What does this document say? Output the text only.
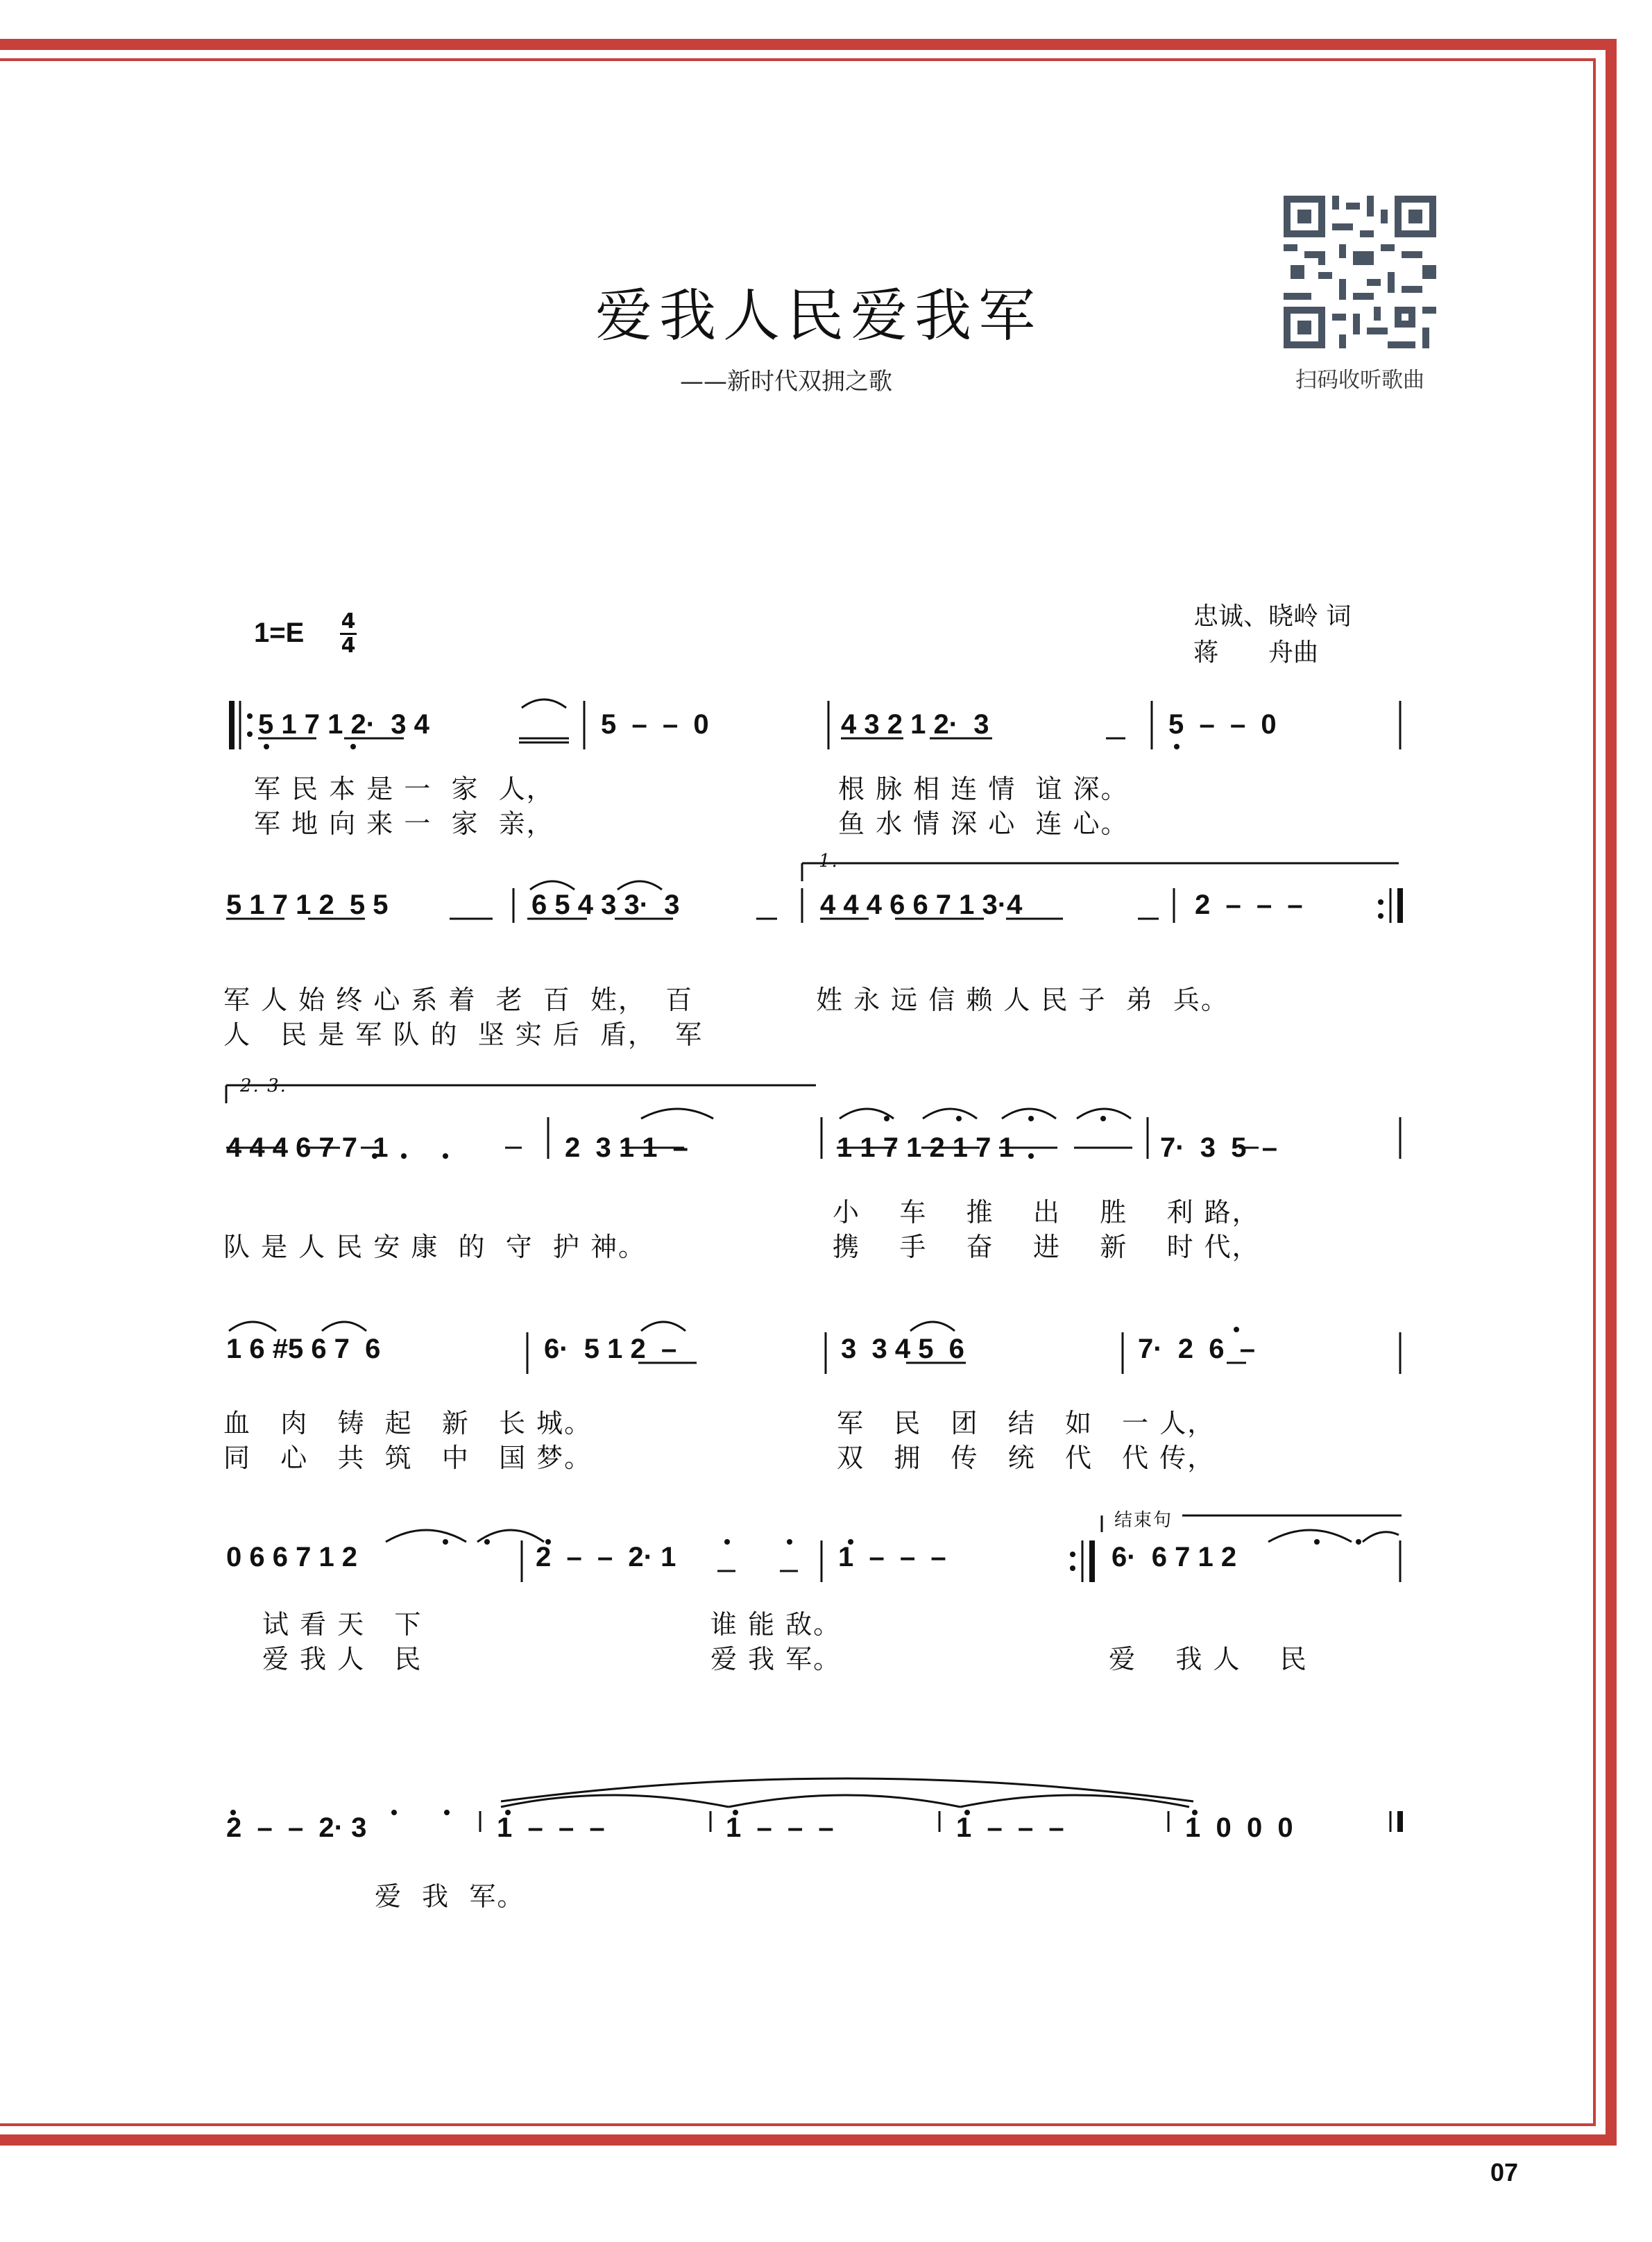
爱我人民爱我军
——新时代双拥之歌	扫码收听歌曲
1=E 4
4
忠诚、晓岭 词
蒋　　舟曲

5 1 7 1 2·  3 4

	5  –  –  0

	4 3 2 1 2·  3

	5  –  –  0

军 民 本 是 一  家  人，	根 脉 相 连 情  谊 深。
军 地 向 来 一  家  亲，	鱼 水 情 深 心  连 心。
1.

5 1 7 1 2  5 5

	6 5 4 3 3·  3

	4 4 4 6 6 7 1 3·4

	2  –  –  –

军 人 始 终 心 系 着  老  百  姓，  百	姓 永 远 信 赖 人 民 子  弟  兵。
人   民 是 军 队 的  坚 实 后  盾，  军
2. 3.

4 4 4 6 7 7  1

	2  3 1 1  –

	1 1 7 1 2 1 7 1

	7·  3  5  –

小    车    推    出    胜    利 路，
队 是 人 民 安 康  的  守  护 神。	携    手    奋    进    新    时 代，

1 6 #5 6 7  6

	6·  5 1 2  –

	3  3 4 5  6

	7·  2  6  –

血   肉   铸  起   新   长 城。	军   民   团   结   如   一 人，
同   心   共  筑   中   国 梦。	双   拥   传   统   代   代 传，
结束句

0 6 6 7 1 2

	2  –  –  2· 1

	1  –  –  –

	6·  6 7 1 2

试 看 天   下	谁 能 敌。
爱 我 人   民	爱 我 军。	爱    我 人    民

2  –  –  2· 3

	1  –  –  –

	1  –  –  –

	1  –  –  –

	1  0  0  0

爱  我  军。
07
